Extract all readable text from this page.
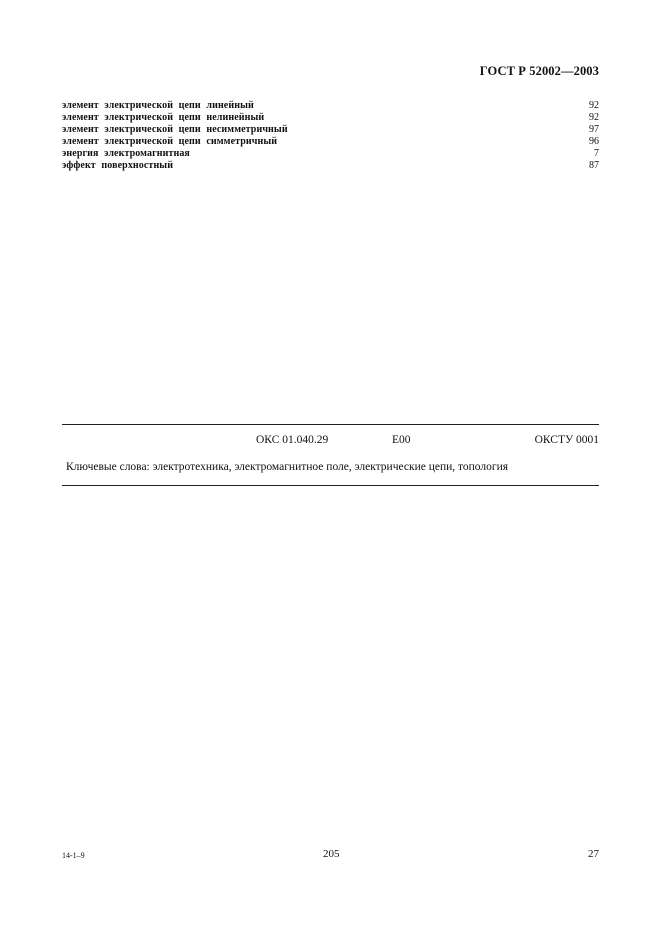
ГОСТ Р 52002—2003
элемент электрической цепи линейный	92
элемент электрической цепи нелинейный	92
элемент электрической цепи несимметричный	97
элемент электрической цепи симметричный	96
энергия электромагнитная	7
эффект поверхностный	87
ОКС 01.040.29	Е00	ОКСТУ 0001
Ключевые слова: электротехника, электромагнитное поле, электрические цепи, топология
14-1–9	205	27
